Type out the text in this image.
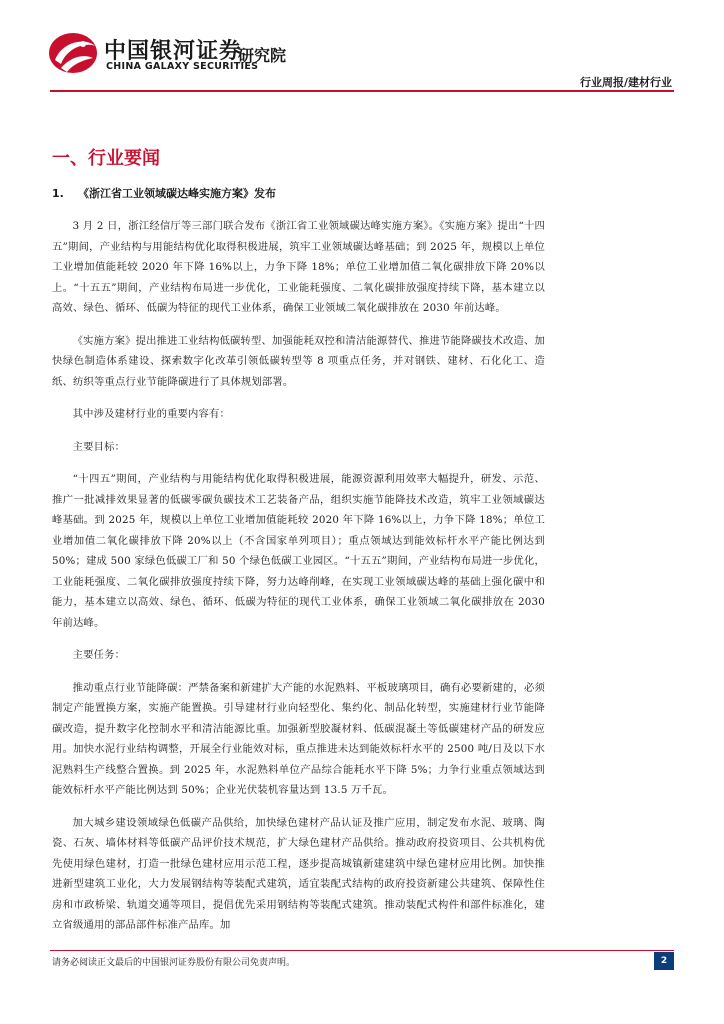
中国银河证券
CHINA GALAXY SECURITIES
研究院
行业周报/建材行业
一、行业要闻
1. 《浙江省工业领域碳达峰实施方案》发布

3 月 2 日，浙江经信厅等三部门联合发布《浙江省工业领域碳达峰实施方案》。《实施方案》提出“十四五”期间，产业结构与用能结构优化取得积极进展，筑牢工业领域碳达峰基础；到 2025 年，规模以上单位工业增加值能耗较 2020 年下降 16%以上，力争下降 18%；单位工业增加值二氧化碳排放下降 20%以上。“十五五”期间，产业结构布局进一步优化，工业能耗强度、二氧化碳排放强度持续下降，基本建立以高效、绿色、循环、低碳为特征的现代工业体系，确保工业领域二氧化碳排放在 2030 年前达峰。

《实施方案》提出推进工业结构低碳转型、加强能耗双控和清洁能源替代、推进节能降碳技术改造、加快绿色制造体系建设、探索数字化改革引领低碳转型等 8 项重点任务，并对钢铁、建材、石化化工、造纸、纺织等重点行业节能降碳进行了具体规划部署。

其中涉及建材行业的重要内容有：

主要目标：

“十四五”期间，产业结构与用能结构优化取得积极进展，能源资源利用效率大幅提升，研发、示范、推广一批减排效果显著的低碳零碳负碳技术工艺装备产品，组织实施节能降技术改造，筑牢工业领域碳达峰基础。到 2025 年，规模以上单位工业增加值能耗较 2020 年下降 16%以上，力争下降 18%；单位工业增加值二氧化碳排放下降 20%以上（不含国家单列项目）；重点领域达到能效标杆水平产能比例达到 50%；建成 500 家绿色低碳工厂和 50 个绿色低碳工业园区。“十五五”期间，产业结构布局进一步优化，工业能耗强度、二氧化碳排放强度持续下降，努力达峰削峰，在实现工业领域碳达峰的基础上强化碳中和能力，基本建立以高效、绿色、循环、低碳为特征的现代工业体系，确保工业领域二氧化碳排放在 2030 年前达峰。

主要任务：

推动重点行业节能降碳：严禁备案和新建扩大产能的水泥熟料、平板玻璃项目，确有必要新建的，必须制定产能置换方案，实施产能置换。引导建材行业向轻型化、集约化、制品化转型，实施建材行业节能降碳改造，提升数字化控制水平和清洁能源比重。加强新型胶凝材料、低碳混凝土等低碳建材产品的研发应用。加快水泥行业结构调整，开展全行业能效对标，重点推进未达到能效标杆水平的 2500 吨/日及以下水泥熟料生产线整合置换。到 2025 年，水泥熟料单位产品综合能耗水平下降 5%；力争行业重点领域达到能效标杆水平产能比例达到 50%；企业光伏装机容量达到 13.5 万千瓦。

加大城乡建设领域绿色低碳产品供给，加快绿色建材产品认证及推广应用，制定发布水泥、玻璃、陶瓷、石灰、墙体材料等低碳产品评价技术规范，扩大绿色建材产品供给。推动政府投资项目、公共机构优先使用绿色建材，打造一批绿色建材应用示范工程，逐步提高城镇新建建筑中绿色建材应用比例。加快推进新型建筑工业化，大力发展钢结构等装配式建筑，适宜装配式结构的政府投资新建公共建筑、保障性住房和市政桥梁、轨道交通等项目，提倡优先采用钢结构等装配式建筑。推动装配式构件和部件标准化，建立省级通用的部品部件标准产品库。加

请务必阅读正文最后的中国银河证券股份有限公司免责声明。	2
